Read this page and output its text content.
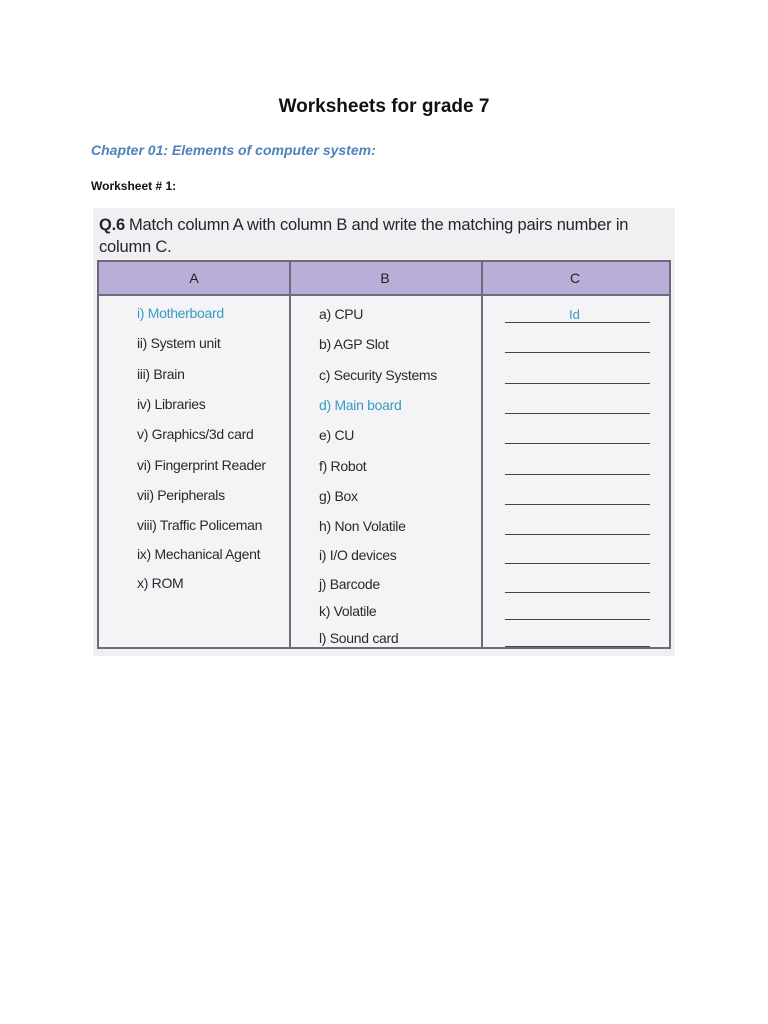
Worksheets for grade 7
Chapter 01: Elements of computer system:
Worksheet # 1:
Q.6 Match column A with column B and write the matching pairs number in column C.
A	B	C
i) Motherboard
ii) System unit
iii) Brain
iv) Libraries
v) Graphics/3d card
vi) Fingerprint Reader
vii) Peripherals
viii) Traffic Policeman
ix) Mechanical Agent
x) ROM
a) CPU
b) AGP Slot
c) Security Systems
d) Main board
e) CU
f) Robot
g) Box
h) Non Volatile
i) I/O devices
j) Barcode
k) Volatile
l) Sound card
Id
